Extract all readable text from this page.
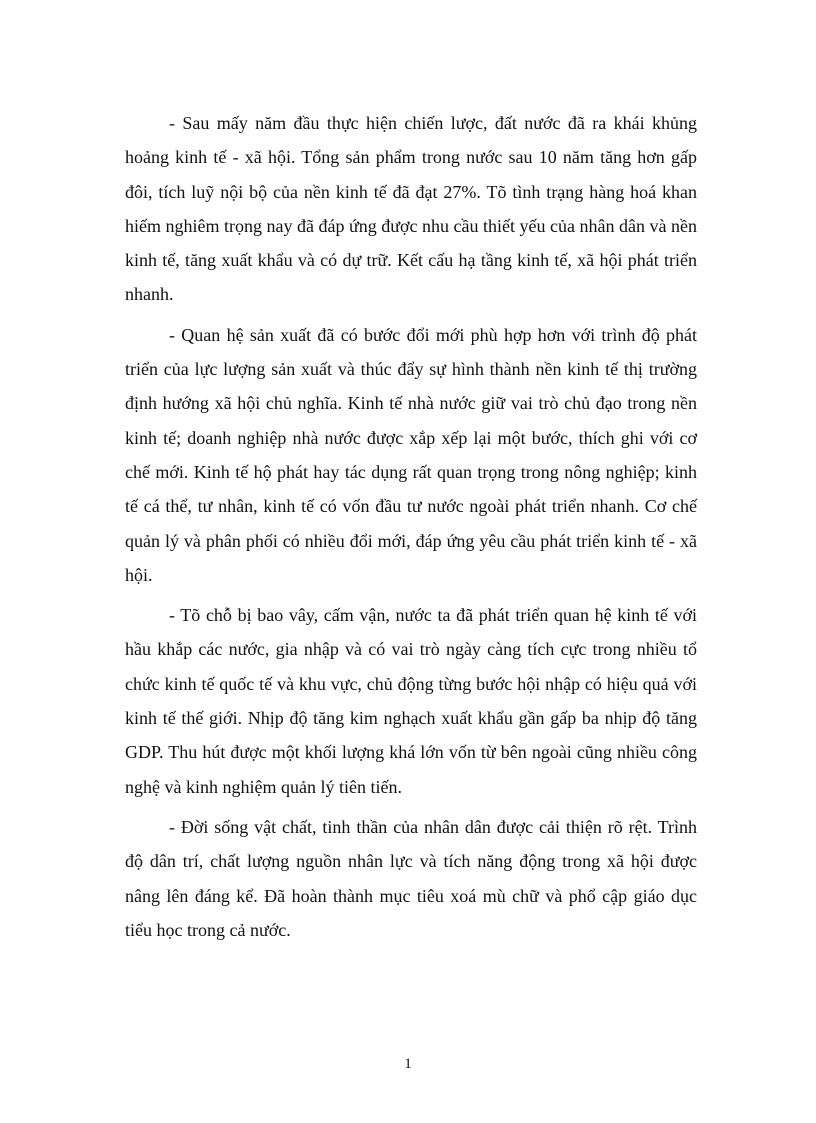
- Sau mấy năm đầu thực hiện chiến lược, đất nước đã ra khái khủng hoảng kinh tế - xã hội. Tổng sản phẩm trong nước sau 10 năm tăng hơn gấp đôi, tích luỹ nội bộ của nền kinh tế đã đạt 27%. Tõ tình trạng hàng hoá khan hiếm nghiêm trọng nay đã đáp ứng được nhu cầu thiết yếu của nhân dân và nền kinh tế, tăng xuất khẩu và có dự trữ. Kết cấu hạ tầng kinh tế, xã hội phát triển nhanh.

- Quan hệ sản xuất đã có bước đổi mới phù hợp hơn với trình độ phát triển của lực lượng sản xuất và thúc đẩy sự hình thành nền kinh tế thị trường định hướng xã hội chủ nghĩa. Kinh tế nhà nước giữ vai trò chủ đạo trong nền kinh tế; doanh nghiệp nhà nước được xắp xếp lại một bước, thích ghi với cơ chế mới. Kinh tế hộ phát hay tác dụng rất quan trọng trong nông nghiệp; kinh tế cá thể, tư nhân, kinh tế có vốn đầu tư nước ngoài phát triển nhanh. Cơ chế quản lý và phân phối có nhiều đổi mới, đáp ứng yêu cầu phát triển kinh tế - xã hội.

- Tõ chỗ bị bao vây, cấm vận, nước ta đã phát triển quan hệ kinh tế với hầu khắp các nước, gia nhập và có vai trò ngày càng tích cực trong nhiều tổ chức kinh tế quốc tế và khu vực, chủ động từng bước hội nhập có hiệu quả với kinh tế thế giới. Nhịp độ tăng kim nghạch xuất khẩu gần gấp ba nhịp độ tăng GDP. Thu hút được một khối lượng khá lớn vốn từ bên ngoài cũng nhiều công nghệ và kinh nghiệm quản lý tiên tiến.

- Đời sống vật chất, tinh thần của nhân dân được cải thiện rõ rệt. Trình độ dân trí, chất lượng nguồn nhân lực và tích năng động trong xã hội được nâng lên đáng kể. Đã hoàn thành mục tiêu xoá mù chữ và phổ cập giáo dục tiểu học trong cả nước.

1
